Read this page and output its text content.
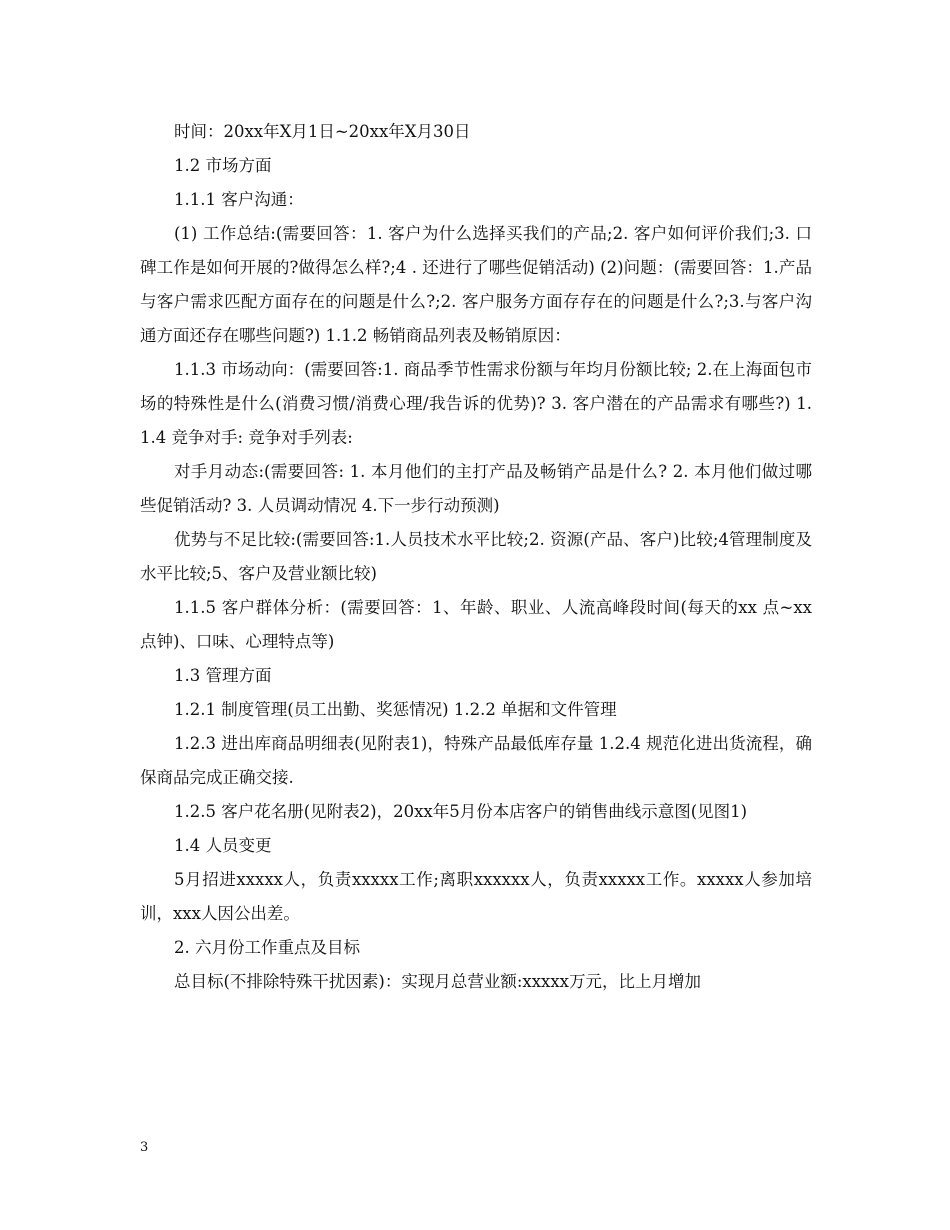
时间：20xx年X月1日~20xx年X月30日

1.2 市场方面

1.1.1 客户沟通：

(1) 工作总结:(需要回答：1. 客户为什么选择买我们的产品;2. 客户如何评价我们;3. 口碑工作是如何开展的?做得怎么样?;4 . 还进行了哪些促销活动) (2)问题：(需要回答：1.产品与客户需求匹配方面存在的问题是什么?;2. 客户服务方面存存在的问题是什么?;3.与客户沟通方面还存在哪些问题?) 1.1.2 畅销商品列表及畅销原因：

1.1.3 市场动向：(需要回答:1. 商品季节性需求份额与年均月份额比较; 2.在上海面包市场的特殊性是什么(消费习惯/消费心理/我告诉的优势)? 3. 客户潜在的产品需求有哪些?) 1.1.4 竞争对手: 竞争对手列表:

对手月动态:(需要回答: 1. 本月他们的主打产品及畅销产品是什么? 2. 本月他们做过哪些促销活动? 3. 人员调动情况 4.下一步行动预测)

优势与不足比较:(需要回答:1.人员技术水平比较;2. 资源(产品、客户)比较;4管理制度及水平比较;5、客户及营业额比较)

1.1.5 客户群体分析：(需要回答：1、年龄、职业、人流高峰段时间(每天的xx 点~xx点钟)、口味、心理特点等)

1.3 管理方面

1.2.1 制度管理(员工出勤、奖惩情况) 1.2.2 单据和文件管理

1.2.3 进出库商品明细表(见附表1)，特殊产品最低库存量 1.2.4 规范化进出货流程，确保商品完成正确交接.

1.2.5 客户花名册(见附表2)，20xx年5月份本店客户的销售曲线示意图(见图1)

1.4 人员变更

5月招进xxxxx人，负责xxxxx工作;离职xxxxxx人，负责xxxxx工作。xxxxx人参加培训，xxx人因公出差。

2. 六月份工作重点及目标

总目标(不排除特殊干扰因素)：实现月总营业额:xxxxx万元，比上月增加

3
